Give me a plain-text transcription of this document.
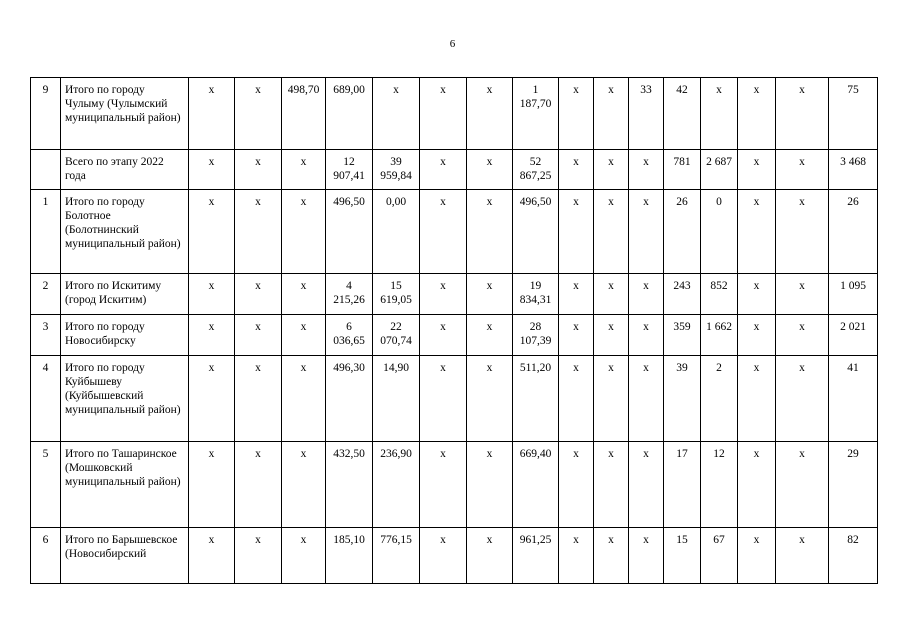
6
9	Итого по городу Чулыму (Чулымский муниципальный район)	х	х	498,70	689,00	х	х	х	1 187,70	х	х	33	42	х	х	х	75
	Всего по этапу 2022 года	х	х	х	12 907,41	39 959,84	х	х	52 867,25	х	х	х	781	2 687	х	х	3 468
1	Итого по городу Болотное (Болотнинский муниципальный район)	х	х	х	496,50	0,00	х	х	496,50	х	х	х	26	0	х	х	26
2	Итого по Искитиму (город Искитим)	х	х	х	4 215,26	15 619,05	х	х	19 834,31	х	х	х	243	852	х	х	1 095
3	Итого по городу Новосибирску	х	х	х	6 036,65	22 070,74	х	х	28 107,39	х	х	х	359	1 662	х	х	2 021
4	Итого по городу Куйбышеву (Куйбышевский муниципальный район)	х	х	х	496,30	14,90	х	х	511,20	х	х	х	39	2	х	х	41
5	Итого по Ташаринское (Мошковский муниципальный район)	х	х	х	432,50	236,90	х	х	669,40	х	х	х	17	12	х	х	29
6	Итого по Барышевское (Новосибирский	х	х	х	185,10	776,15	х	х	961,25	х	х	х	15	67	х	х	82
